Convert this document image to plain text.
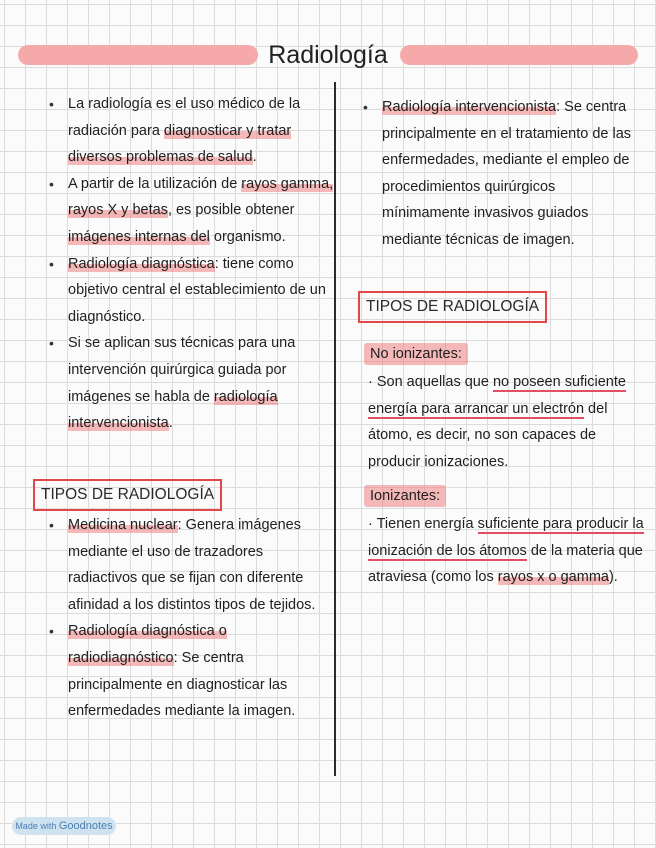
Radiología
• La radiología es el uso médico de la radiación para diagnosticar y tratar diversos problemas de salud.
• A partir de la utilización de rayos gamma, rayos X y betas, es posible obtener imágenes internas del organismo.
• Radiología diagnóstica: tiene como objetivo central el establecimiento de un diagnóstico.
• Si se aplican sus técnicas para una intervención quirúrgica guiada por imágenes se habla de radiología intervencionista.
TIPOS DE RADIOLOGÍA
• Medicina nuclear: Genera imágenes mediante el uso de trazadores radiactivos que se fijan con diferente afinidad a los distintos tipos de tejidos.
• Radiología diagnóstica o radiodiagnóstico: Se centra principalmente en diagnosticar las enfermedades mediante la imagen.
• Radiología intervencionista: Se centra principalmente en el tratamiento de las enfermedades, mediante el empleo de procedimientos quirúrgicos mínimamente invasivos guiados mediante técnicas de imagen.
TIPOS DE RADIOLOGÍA
No ionizantes:
· Son aquellas que no poseen suficiente energía para arrancar un electrón del átomo, es decir, no son capaces de producir ionizaciones.
Ionizantes:
· Tienen energía suficiente para producir la ionización de los átomos de la materia que atraviesa (como los rayos x o gamma).
Made with Goodnotes
